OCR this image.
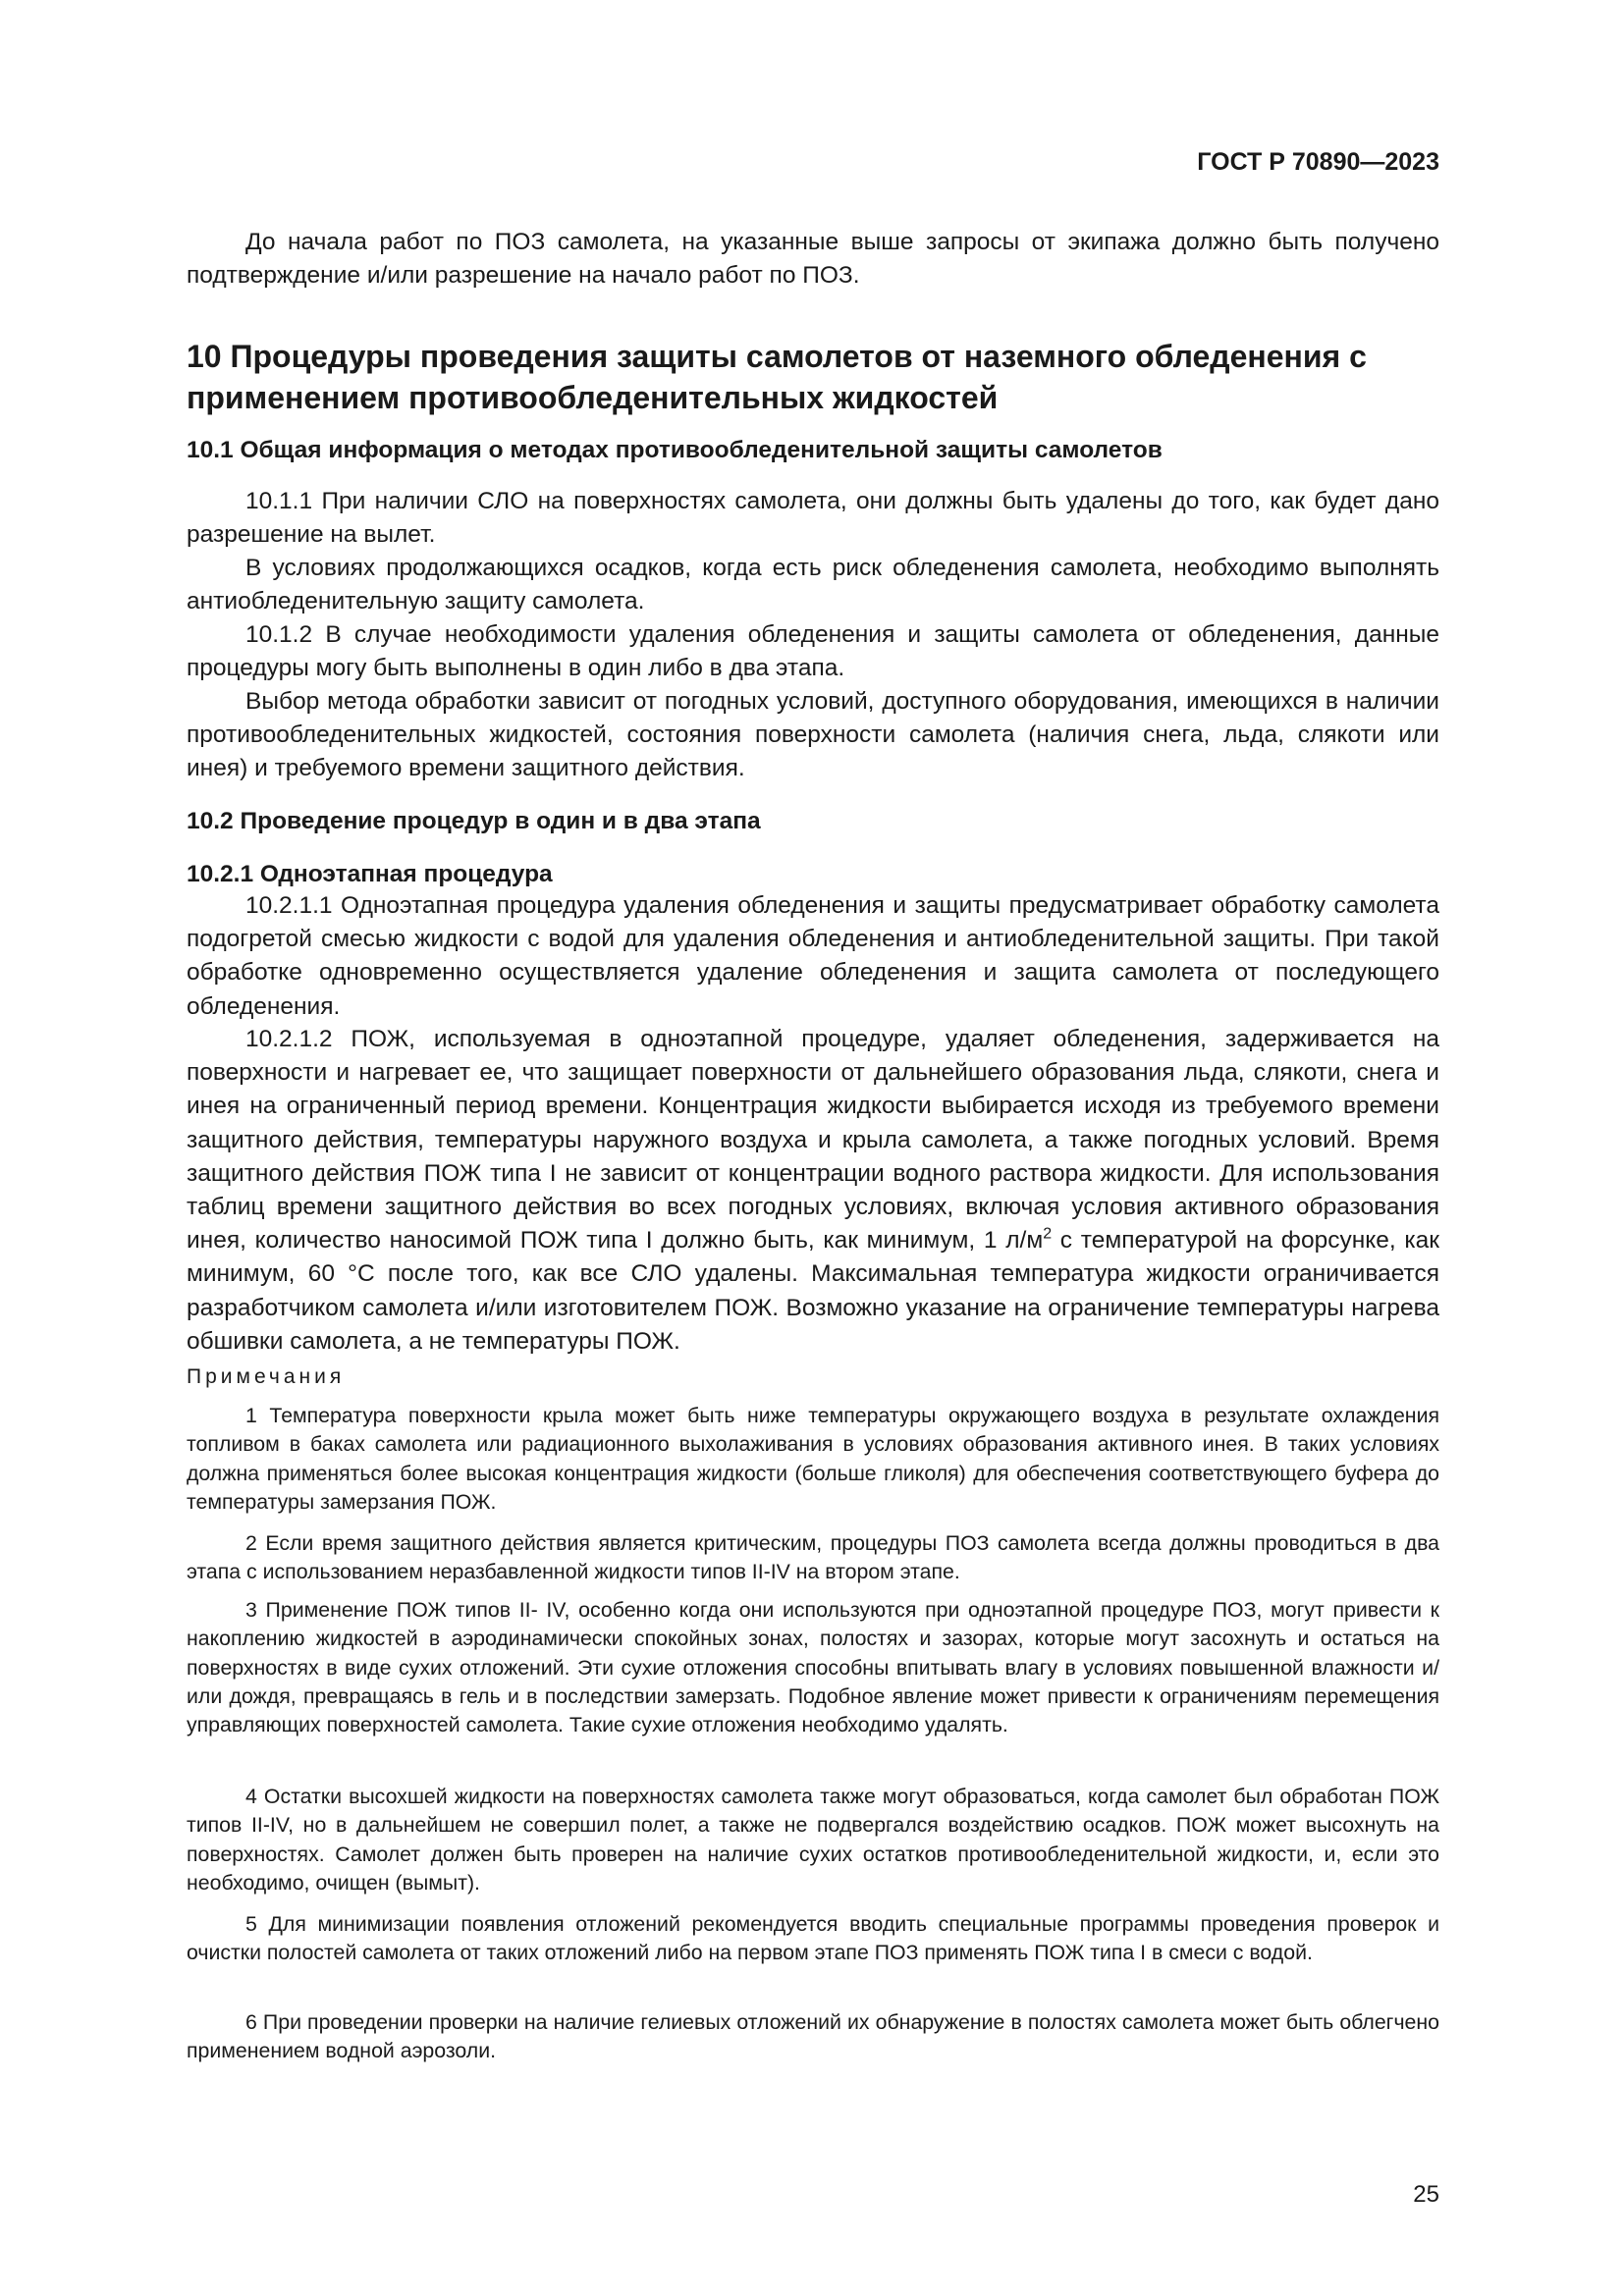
ГОСТ Р 70890—2023

До начала работ по ПОЗ самолета, на указанные выше запросы от экипажа должно быть получено подтверждение и/или разрешение на начало работ по ПОЗ.

10 Процедуры проведения защиты самолетов от наземного обледенения с применением противообледенительных жидкостей
10.1 Общая информация о методах противообледенительной защиты самолетов

10.1.1 При наличии СЛО на поверхностях самолета, они должны быть удалены до того, как будет дано разрешение на вылет.

В условиях продолжающихся осадков, когда есть риск обледенения самолета, необходимо выполнять антиобледенительную защиту самолета.

10.1.2 В случае необходимости удаления обледенения и защиты самолета от обледенения, данные процедуры могу быть выполнены в один либо в два этапа.

Выбор метода обработки зависит от погодных условий, доступного оборудования, имеющихся в наличии противообледенительных жидкостей, состояния поверхности самолета (наличия снега, льда, слякоти или инея) и требуемого времени защитного действия.

10.2 Проведение процедур в один и в два этапа
10.2.1 Одноэтапная процедура

10.2.1.1 Одноэтапная процедура удаления обледенения и защиты предусматривает обработку самолета подогретой смесью жидкости с водой для удаления обледенения и антиобледенительной защиты. При такой обработке одновременно осуществляется удаление обледенения и защита самолета от последующего обледенения.

10.2.1.2 ПОЖ, используемая в одноэтапной процедуре, удаляет обледенения, задерживается на поверхности и нагревает ее, что защищает поверхности от дальнейшего образования льда, слякоти, снега и инея на ограниченный период времени. Концентрация жидкости выбирается исходя из требуемого времени защитного действия, температуры наружного воздуха и крыла самолета, а также погодных условий. Время защитного действия ПОЖ типа I не зависит от концентрации водного раствора жидкости. Для использования таблиц времени защитного действия во всех погодных условиях, включая условия активного образования инея, количество наносимой ПОЖ типа I должно быть, как минимум, 1 $л/м^2$ с температурой на форсунке, как минимум, 60 °С после того, как все СЛО удалены. Максимальная температура жидкости ограничивается разработчиком самолета и/или изготовителем ПОЖ. Возможно указание на ограничение температуры нагрева обшивки самолета, а не температуры ПОЖ.

Примечания

1 Температура поверхности крыла может быть ниже температуры окружающего воздуха в результате охлаждения топливом в баках самолета или радиационного выхолаживания в условиях образования активного инея. В таких условиях должна применяться более высокая концентрация жидкости (больше гликоля) для обеспечения соответствующего буфера до температуры замерзания ПОЖ.

2 Если время защитного действия является критическим, процедуры ПОЗ самолета всегда должны проводиться в два этапа с использованием неразбавленной жидкости типов II-IV на втором этапе.

3 Применение ПОЖ типов II- IV, особенно когда они используются при одноэтапной процедуре ПОЗ, могут привести к накоплению жидкостей в аэродинамически спокойных зонах, полостях и зазорах, которые могут засохнуть и остаться на поверхностях в виде сухих отложений. Эти сухие отложения способны впитывать влагу в условиях повышенной влажности и/или дождя, превращаясь в гель и в последствии замерзать. Подобное явление может привести к ограничениям перемещения управляющих поверхностей самолета. Такие сухие отложения необходимо удалять.

4 Остатки высохшей жидкости на поверхностях самолета также могут образоваться, когда самолет был обработан ПОЖ типов II-IV, но в дальнейшем не совершил полет, а также не подвергался воздействию осадков. ПОЖ может высохнуть на поверхностях. Самолет должен быть проверен на наличие сухих остатков противообледенительной жидкости, и, если это необходимо, очищен (вымыт).

5 Для минимизации появления отложений рекомендуется вводить специальные программы проведения проверок и очистки полостей самолета от таких отложений либо на первом этапе ПОЗ применять ПОЖ типа I в смеси с водой.

6 При проведении проверки на наличие гелиевых отложений их обнаружение в полостях самолета может быть облегчено применением водной аэрозоли.

25
